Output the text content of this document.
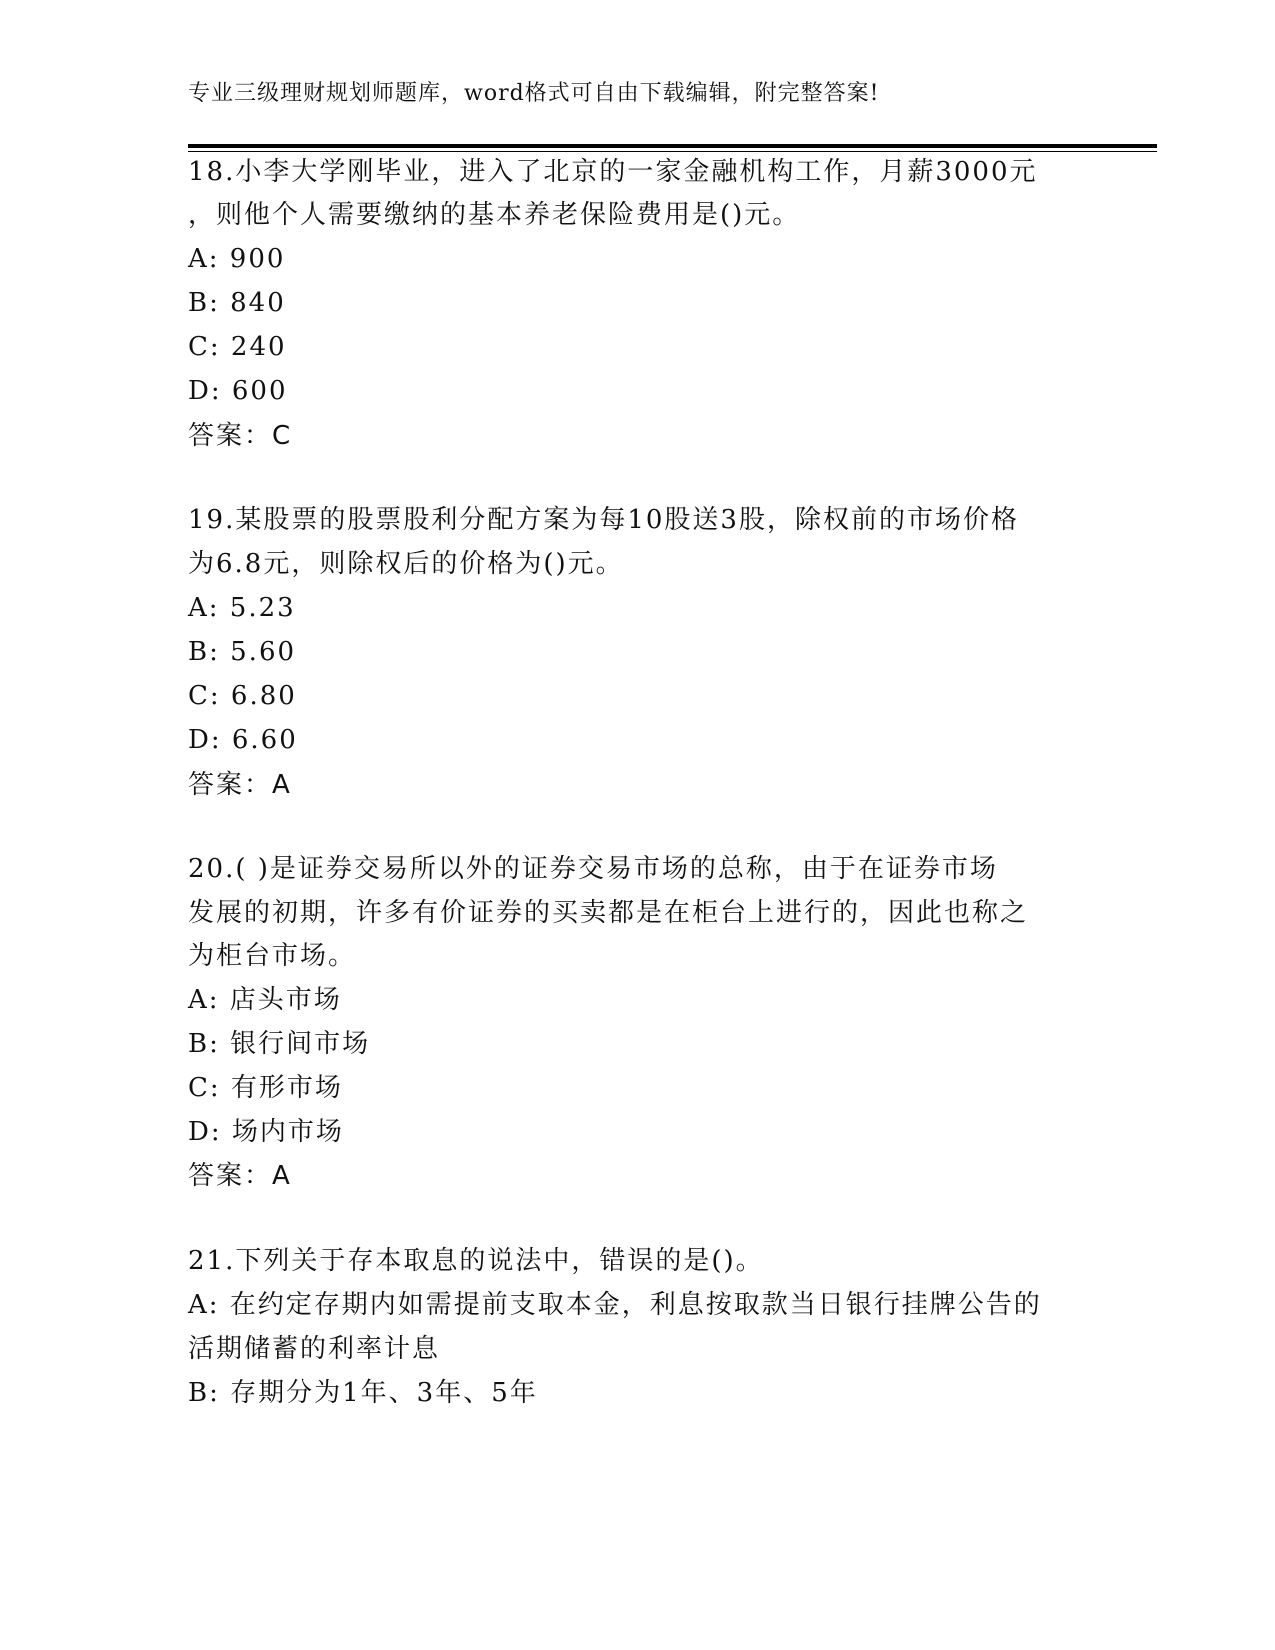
专业三级理财规划师题库，word格式可自由下载编辑，附完整答案!
18.小李大学刚毕业，进入了北京的一家金融机构工作，月薪3000元
，则他个人需要缴纳的基本养老保险费用是()元。
A: 900
B: 840
C: 240
D: 600
答案：C
19.某股票的股票股利分配方案为每10股送3股，除权前的市场价格
为6.8元，则除权后的价格为()元。
A: 5.23
B: 5.60
C: 6.80
D: 6.60
答案：A
20.( )是证券交易所以外的证券交易市场的总称，由于在证券市场
发展的初期，许多有价证券的买卖都是在柜台上进行的，因此也称之
为柜台市场。
A: 店头市场
B: 银行间市场
C: 有形市场
D: 场内市场
答案：A
21.下列关于存本取息的说法中，错误的是()。
A: 在约定存期内如需提前支取本金，利息按取款当日银行挂牌公告的
活期储蓄的利率计息
B: 存期分为1年、3年、5年
